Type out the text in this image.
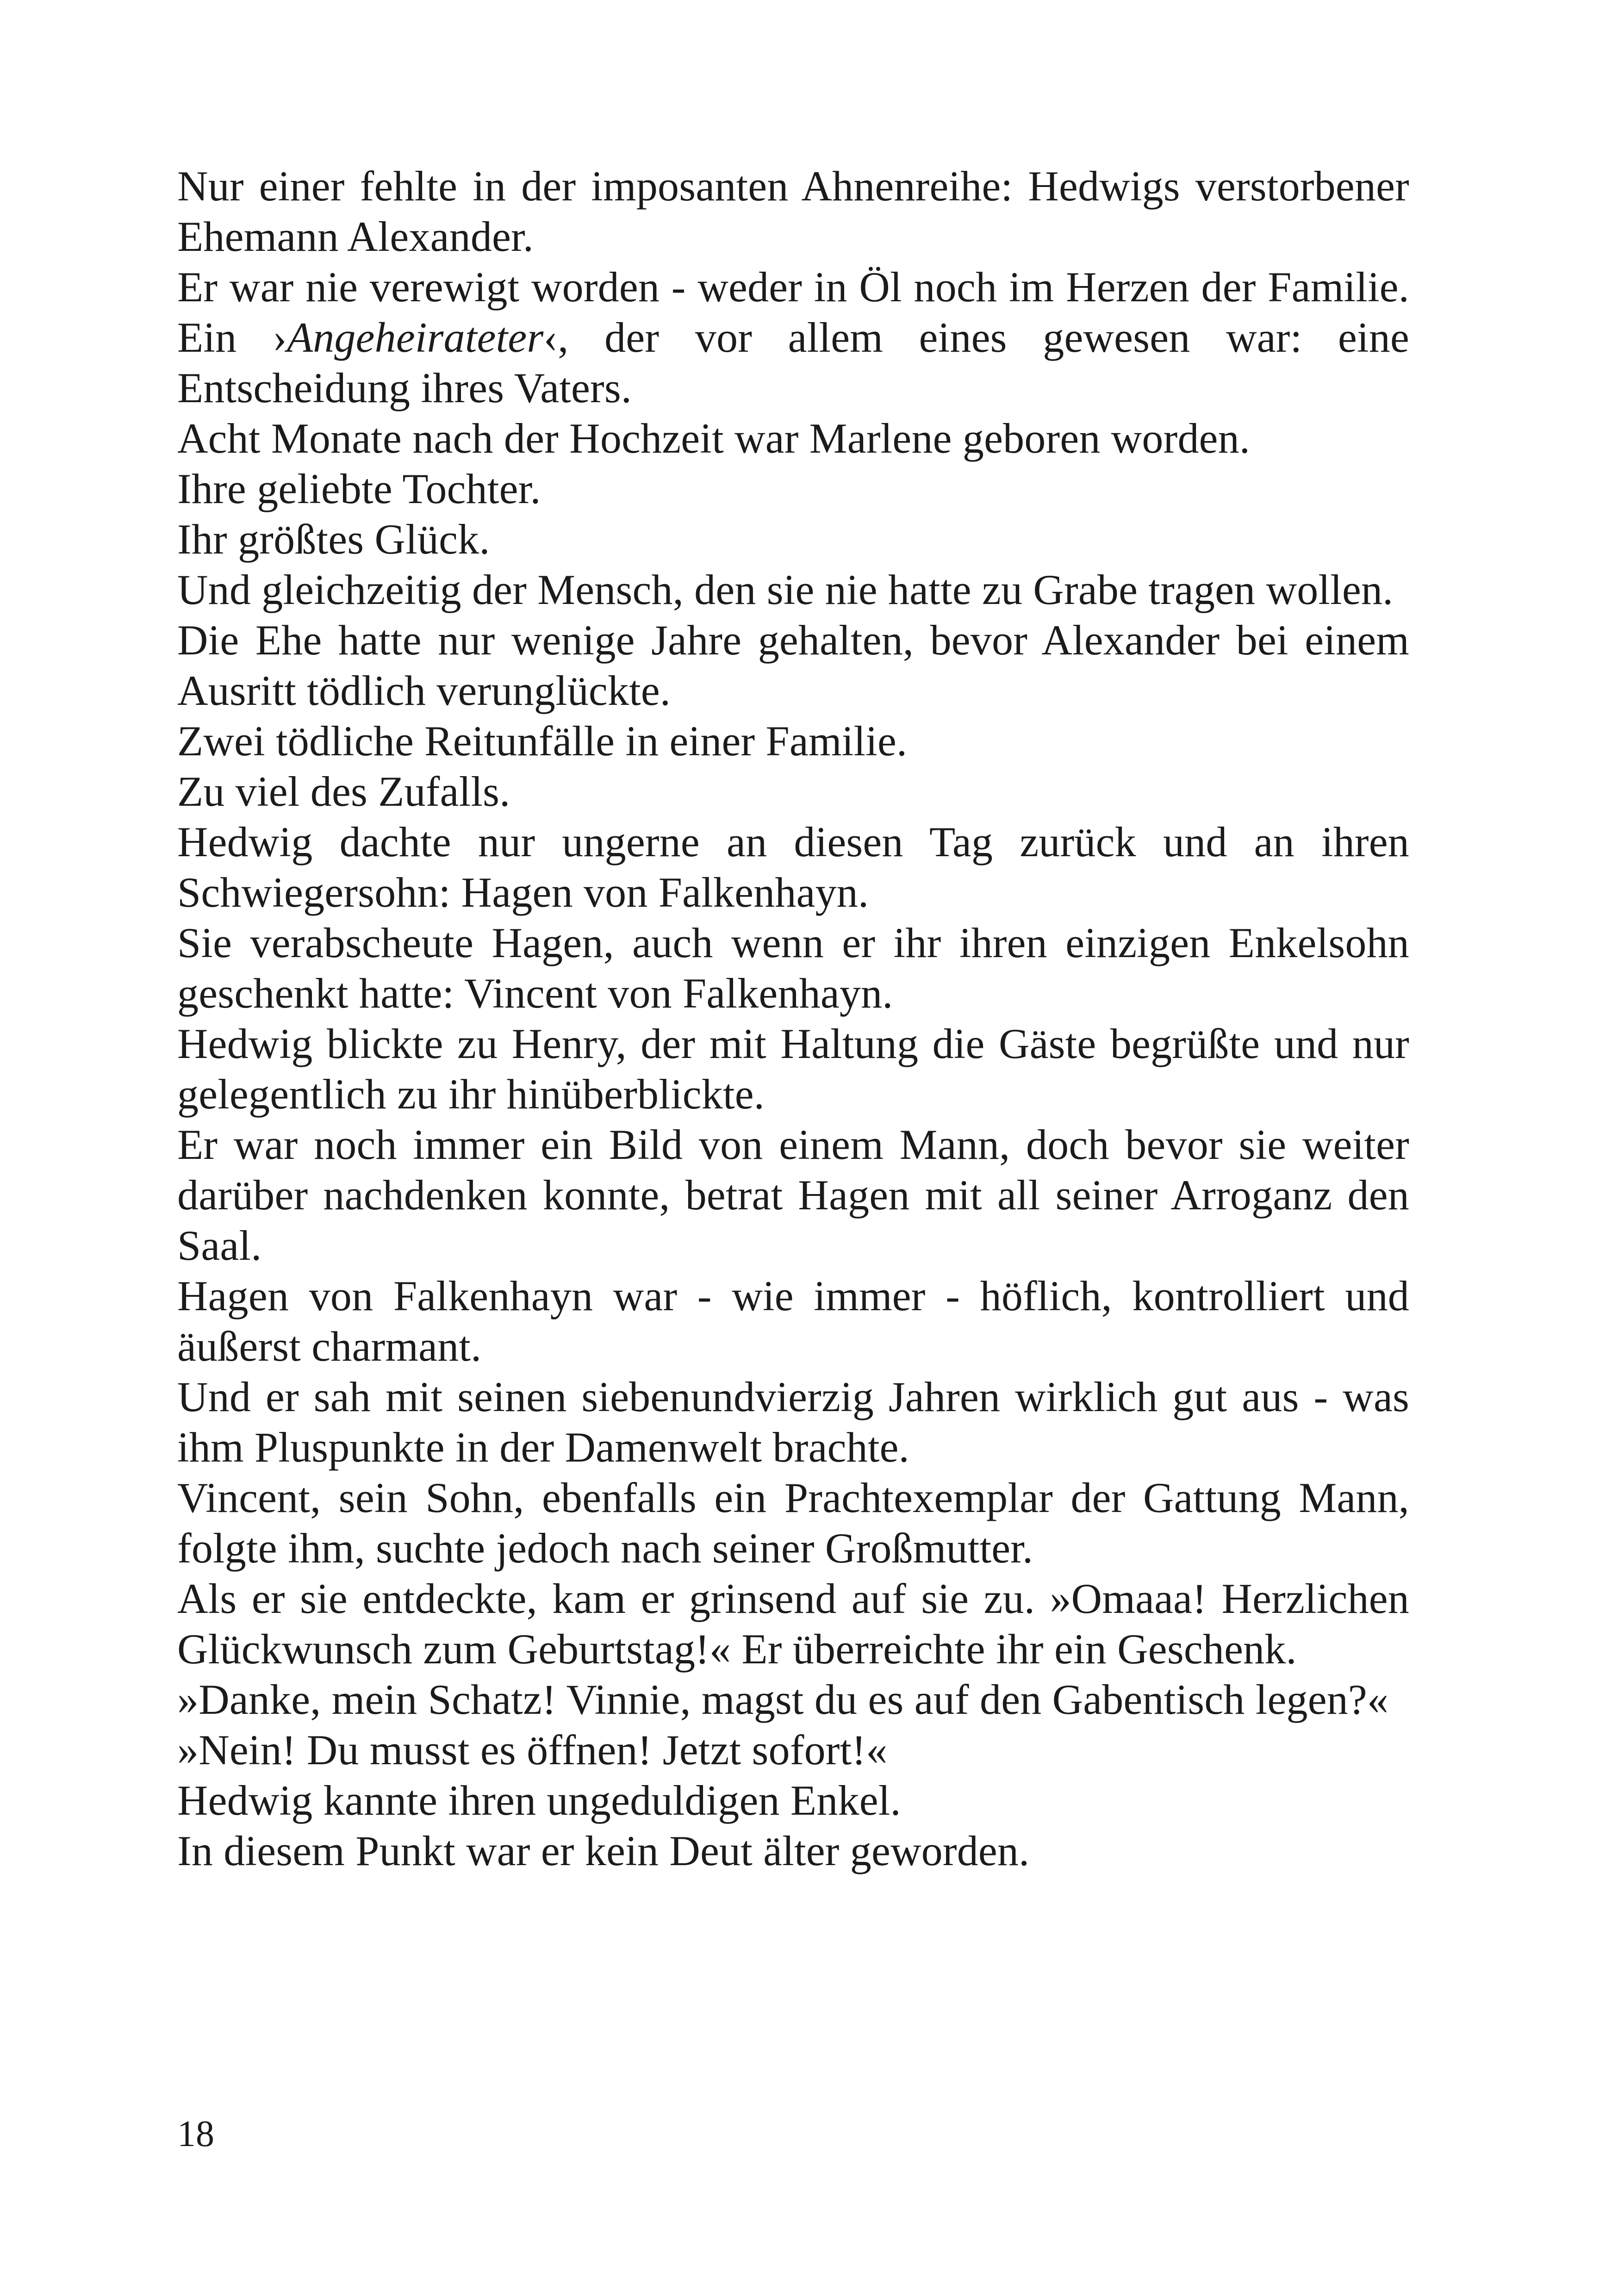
Nur einer fehlte in der imposanten Ahnenreihe: Hedwigs verstorbener Ehemann Alexander.

Er war nie verewigt worden - weder in Öl noch im Herzen der Familie. Ein ›Angeheirateter‹, der vor allem eines gewesen war: eine Entscheidung ihres Vaters.

Acht Monate nach der Hochzeit war Marlene geboren worden.

Ihre geliebte Tochter.

Ihr größtes Glück.

Und gleichzeitig der Mensch, den sie nie hatte zu Grabe tragen wollen.

Die Ehe hatte nur wenige Jahre gehalten, bevor Alexander bei einem Ausritt tödlich verunglückte.

Zwei tödliche Reitunfälle in einer Familie.

Zu viel des Zufalls.

Hedwig dachte nur ungerne an diesen Tag zurück und an ihren Schwiegersohn: Hagen von Falkenhayn.

Sie verabscheute Hagen, auch wenn er ihr ihren einzigen Enkelsohn geschenkt hatte: Vincent von Falkenhayn.

Hedwig blickte zu Henry, der mit Haltung die Gäste begrüßte und nur gelegentlich zu ihr hinüberblickte.

Er war noch immer ein Bild von einem Mann, doch bevor sie weiter darüber nachdenken konnte, betrat Hagen mit all seiner Arroganz den Saal.

Hagen von Falkenhayn war - wie immer - höflich, kontrolliert und äußerst charmant.

Und er sah mit seinen siebenundvierzig Jahren wirklich gut aus - was ihm Pluspunkte in der Damenwelt brachte.

Vincent, sein Sohn, ebenfalls ein Prachtexemplar der Gattung Mann, folgte ihm, suchte jedoch nach seiner Großmutter.

Als er sie entdeckte, kam er grinsend auf sie zu. »Omaaa! Herzlichen Glückwunsch zum Geburtstag!« Er überreichte ihr ein Geschenk.

»Danke, mein Schatz! Vinnie, magst du es auf den Gabentisch legen?«

»Nein! Du musst es öffnen! Jetzt sofort!«

Hedwig kannte ihren ungeduldigen Enkel.

In diesem Punkt war er kein Deut älter geworden.

18
